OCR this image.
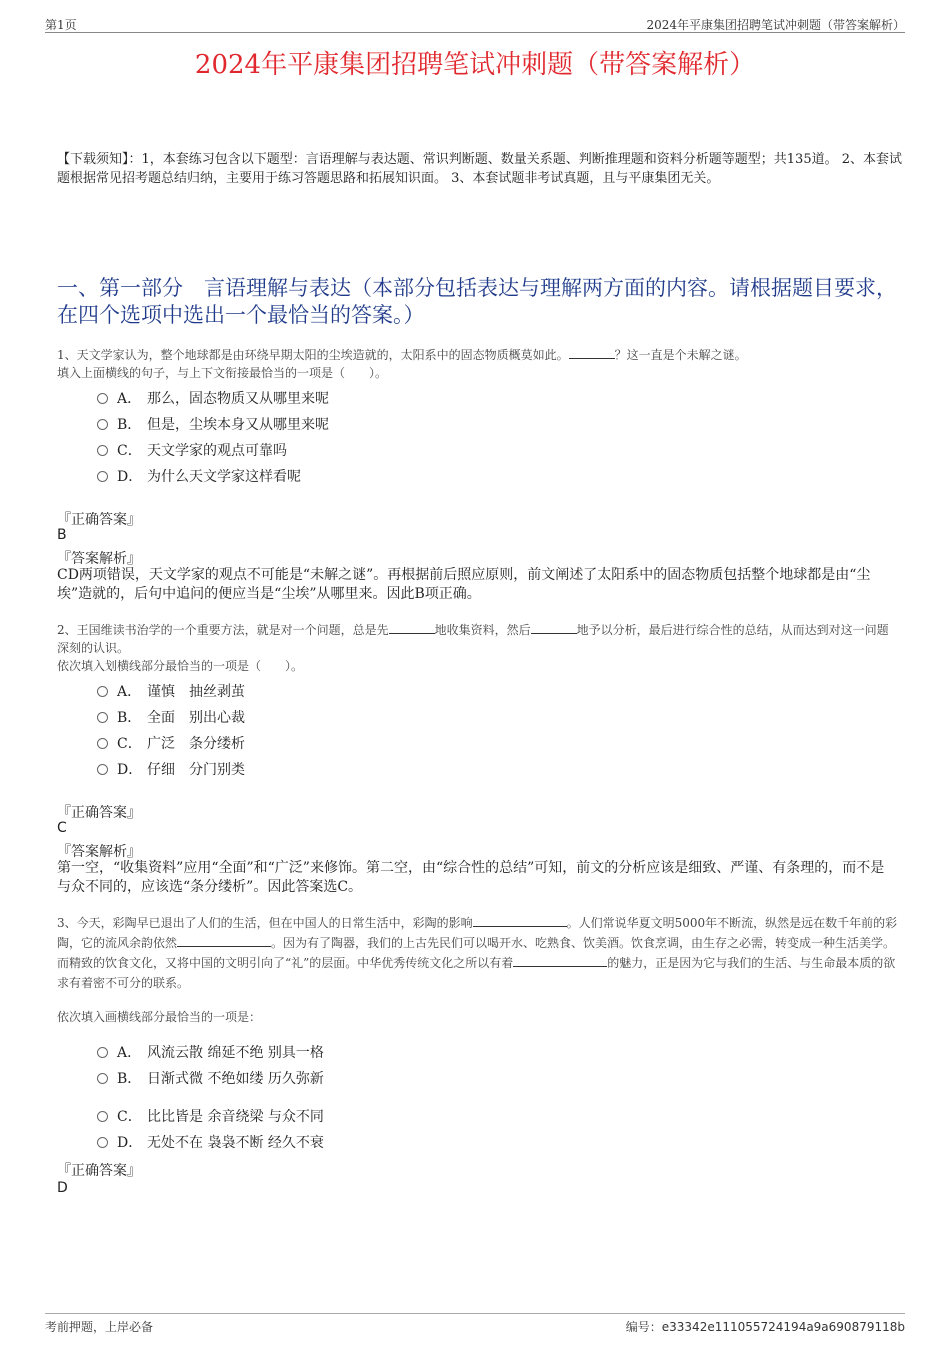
第1页	2024年平康集团招聘笔试冲刺题（带答案解析）
2024年平康集团招聘笔试冲刺题（带答案解析）
【下载须知】：1，本套练习包含以下题型：言语理解与表达题、常识判断题、数量关系题、判断推理题和资料分析题等题型；共135道。 2、本套试题根据常见招考题总结归纳，主要用于练习答题思路和拓展知识面。 3、本套试题非考试真题，且与平康集团无关。
一、第一部分　言语理解与表达（本部分包括表达与理解两方面的内容。请根据题目要求，在四个选项中选出一个最恰当的答案。）
1、天文学家认为，整个地球都是由环绕早期太阳的尘埃造就的，太阳系中的固态物质概莫如此。	？这一直是个未解之谜。
填入上面横线的句子，与上下文衔接最恰当的一项是（　　）。
A． 那么，固态物质又从哪里来呢
B． 但是，尘埃本身又从哪里来呢
C． 天文学家的观点可靠吗
D． 为什么天文学家这样看呢
『正确答案』
B
『答案解析』
CD两项错误，天文学家的观点不可能是“未解之谜”。再根据前后照应原则，前文阐述了太阳系中的固态物质包括整个地球都是由“尘埃”造就的，后句中追问的便应当是“尘埃”从哪里来。因此B项正确。
2、王国维读书治学的一个重要方法，就是对一个问题，总是先	地收集资料，然后	地予以分析，最后进行综合性的总结，从而达到对这一问题深刻的认识。
依次填入划横线部分最恰当的一项是（　　）。
A． 谨慎　抽丝剥茧
B． 全面　别出心裁
C． 广泛　条分缕析
D． 仔细　分门别类
『正确答案』
C
『答案解析』
第一空，“收集资料”应用“全面”和“广泛”来修饰。第二空，由“综合性的总结”可知，前文的分析应该是细致、严谨、有条理的，而不是与众不同的，应该选“条分缕析”。因此答案选C。
3、今天，彩陶早已退出了人们的生活，但在中国人的日常生活中，彩陶的影响	。人们常说华夏文明5000年不断流，纵然是远在数千年前的彩陶，它的流风余韵依然	。因为有了陶器，我们的上古先民们可以喝开水、吃熟食、饮美酒。饮食烹调，由生存之必需，转变成一种生活美学。而精致的饮食文化，又将中国的文明引向了“礼”的层面。中华优秀传统文化之所以有着	的魅力，正是因为它与我们的生活、与生命最本质的欲求有着密不可分的联系。
依次填入画横线部分最恰当的一项是：
A． 风流云散 绵延不绝 别具一格
B． 日渐式微 不绝如缕 历久弥新
C． 比比皆是 余音绕梁 与众不同
D． 无处不在 袅袅不断 经久不衰
『正确答案』
D
考前押题，上岸必备	编号：e33342e111055724194a9a690879118b
